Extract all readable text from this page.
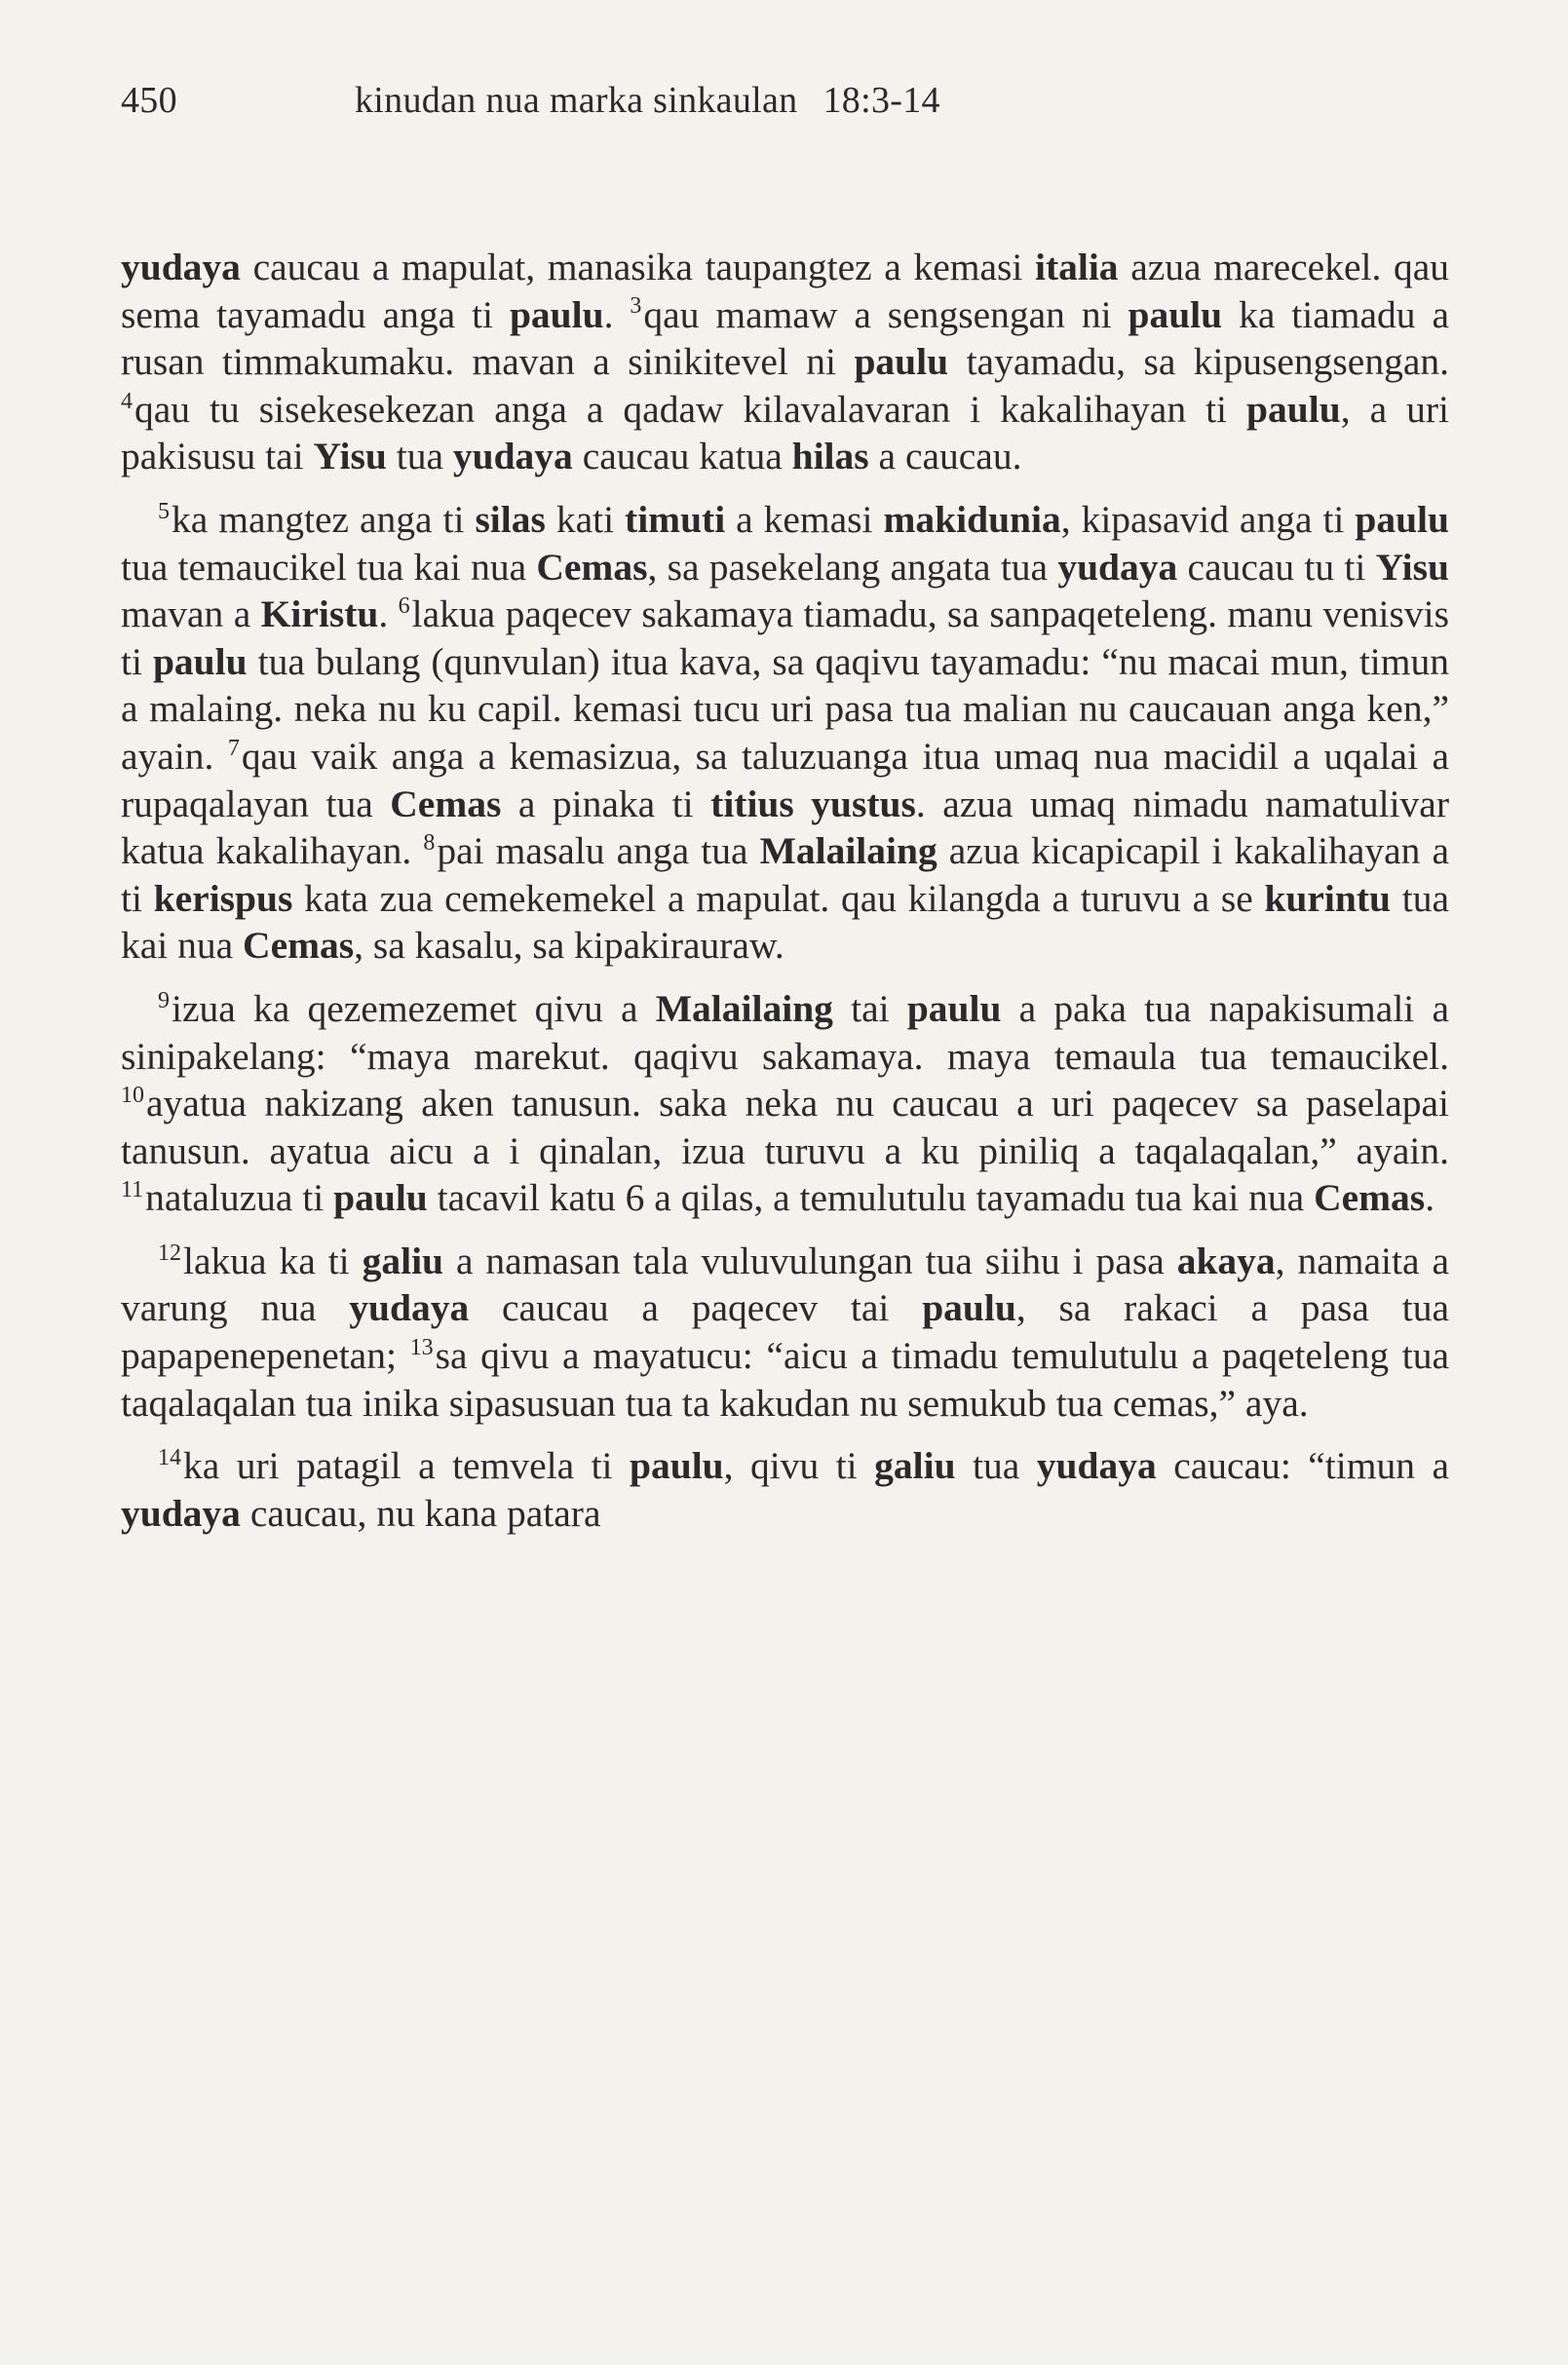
450	kinudan nua marka sinkaulan 18:3-14

yudaya caucau a mapulat, manasika taupangtez a kemasi italia azua marecekel. qau sema tayamadu anga ti paulu. $^3$qau mamaw a sengsengan ni paulu ka tiamadu a rusan timmakumaku. mavan a sinikitevel ni paulu tayamadu, sa kipusengsengan. $^4$qau tu sisekesekezan anga a qadaw kilavalavaran i kakalihayan ti paulu, a uri pakisusu tai Yisu tua yudaya caucau katua hilas a caucau.

$^5$ka mangtez anga ti silas kati timuti a kemasi makidunia, kipasavid anga ti paulu tua temaucikel tua kai nua Cemas, sa pasekelang angata tua yudaya caucau tu ti Yisu mavan a Kiristu. $^6$lakua paqecev sakamaya tiamadu, sa sanpaqeteleng. manu venisvis ti paulu tua bulang (qunvulan) itua kava, sa qaqivu tayamadu: “nu macai mun, timun a malaing. neka nu ku capil. kemasi tucu uri pasa tua malian nu caucauan anga ken,” ayain. $^7$qau vaik anga a kemasizua, sa taluzuanga itua umaq nua macidil a uqalai a rupaqalayan tua Cemas a pinaka ti titius yustus. azua umaq nimadu namatulivar katua kakalihayan. $^8$pai masalu anga tua Malailaing azua kicapicapil i kakalihayan a ti kerispus kata zua cemekemekel a mapulat. qau kilangda a turuvu a se kurintu tua kai nua Cemas, sa kasalu, sa kipakirauraw.

$^9$izua ka qezemezemet qivu a Malailaing tai paulu a paka tua napakisumali a sinipakelang: “maya marekut. qaqivu sakamaya. maya temaula tua temaucikel. $^{10}$ayatua nakizang aken tanusun. saka neka nu caucau a uri paqecev sa paselapai tanusun. ayatua aicu a i qinalan, izua turuvu a ku piniliq a taqalaqalan,” ayain. $^{11}$nataluzua ti paulu tacavil katu 6 a qilas, a temulutulu tayamadu tua kai nua Cemas.

$^{12}$lakua ka ti galiu a namasan tala vuluvulungan tua siihu i pasa akaya, namaita a varung nua yudaya caucau a paqecev tai paulu, sa rakaci a pasa tua papapenepenetan; $^{13}$sa qivu a mayatucu: “aicu a timadu temulutulu a paqeteleng tua taqalaqalan tua inika sipasusuan tua ta kakudan nu semukub tua cemas,” aya.

$^{14}$ka uri patagil a temvela ti paulu, qivu ti galiu tua yudaya caucau: “timun a yudaya caucau, nu kana patara
